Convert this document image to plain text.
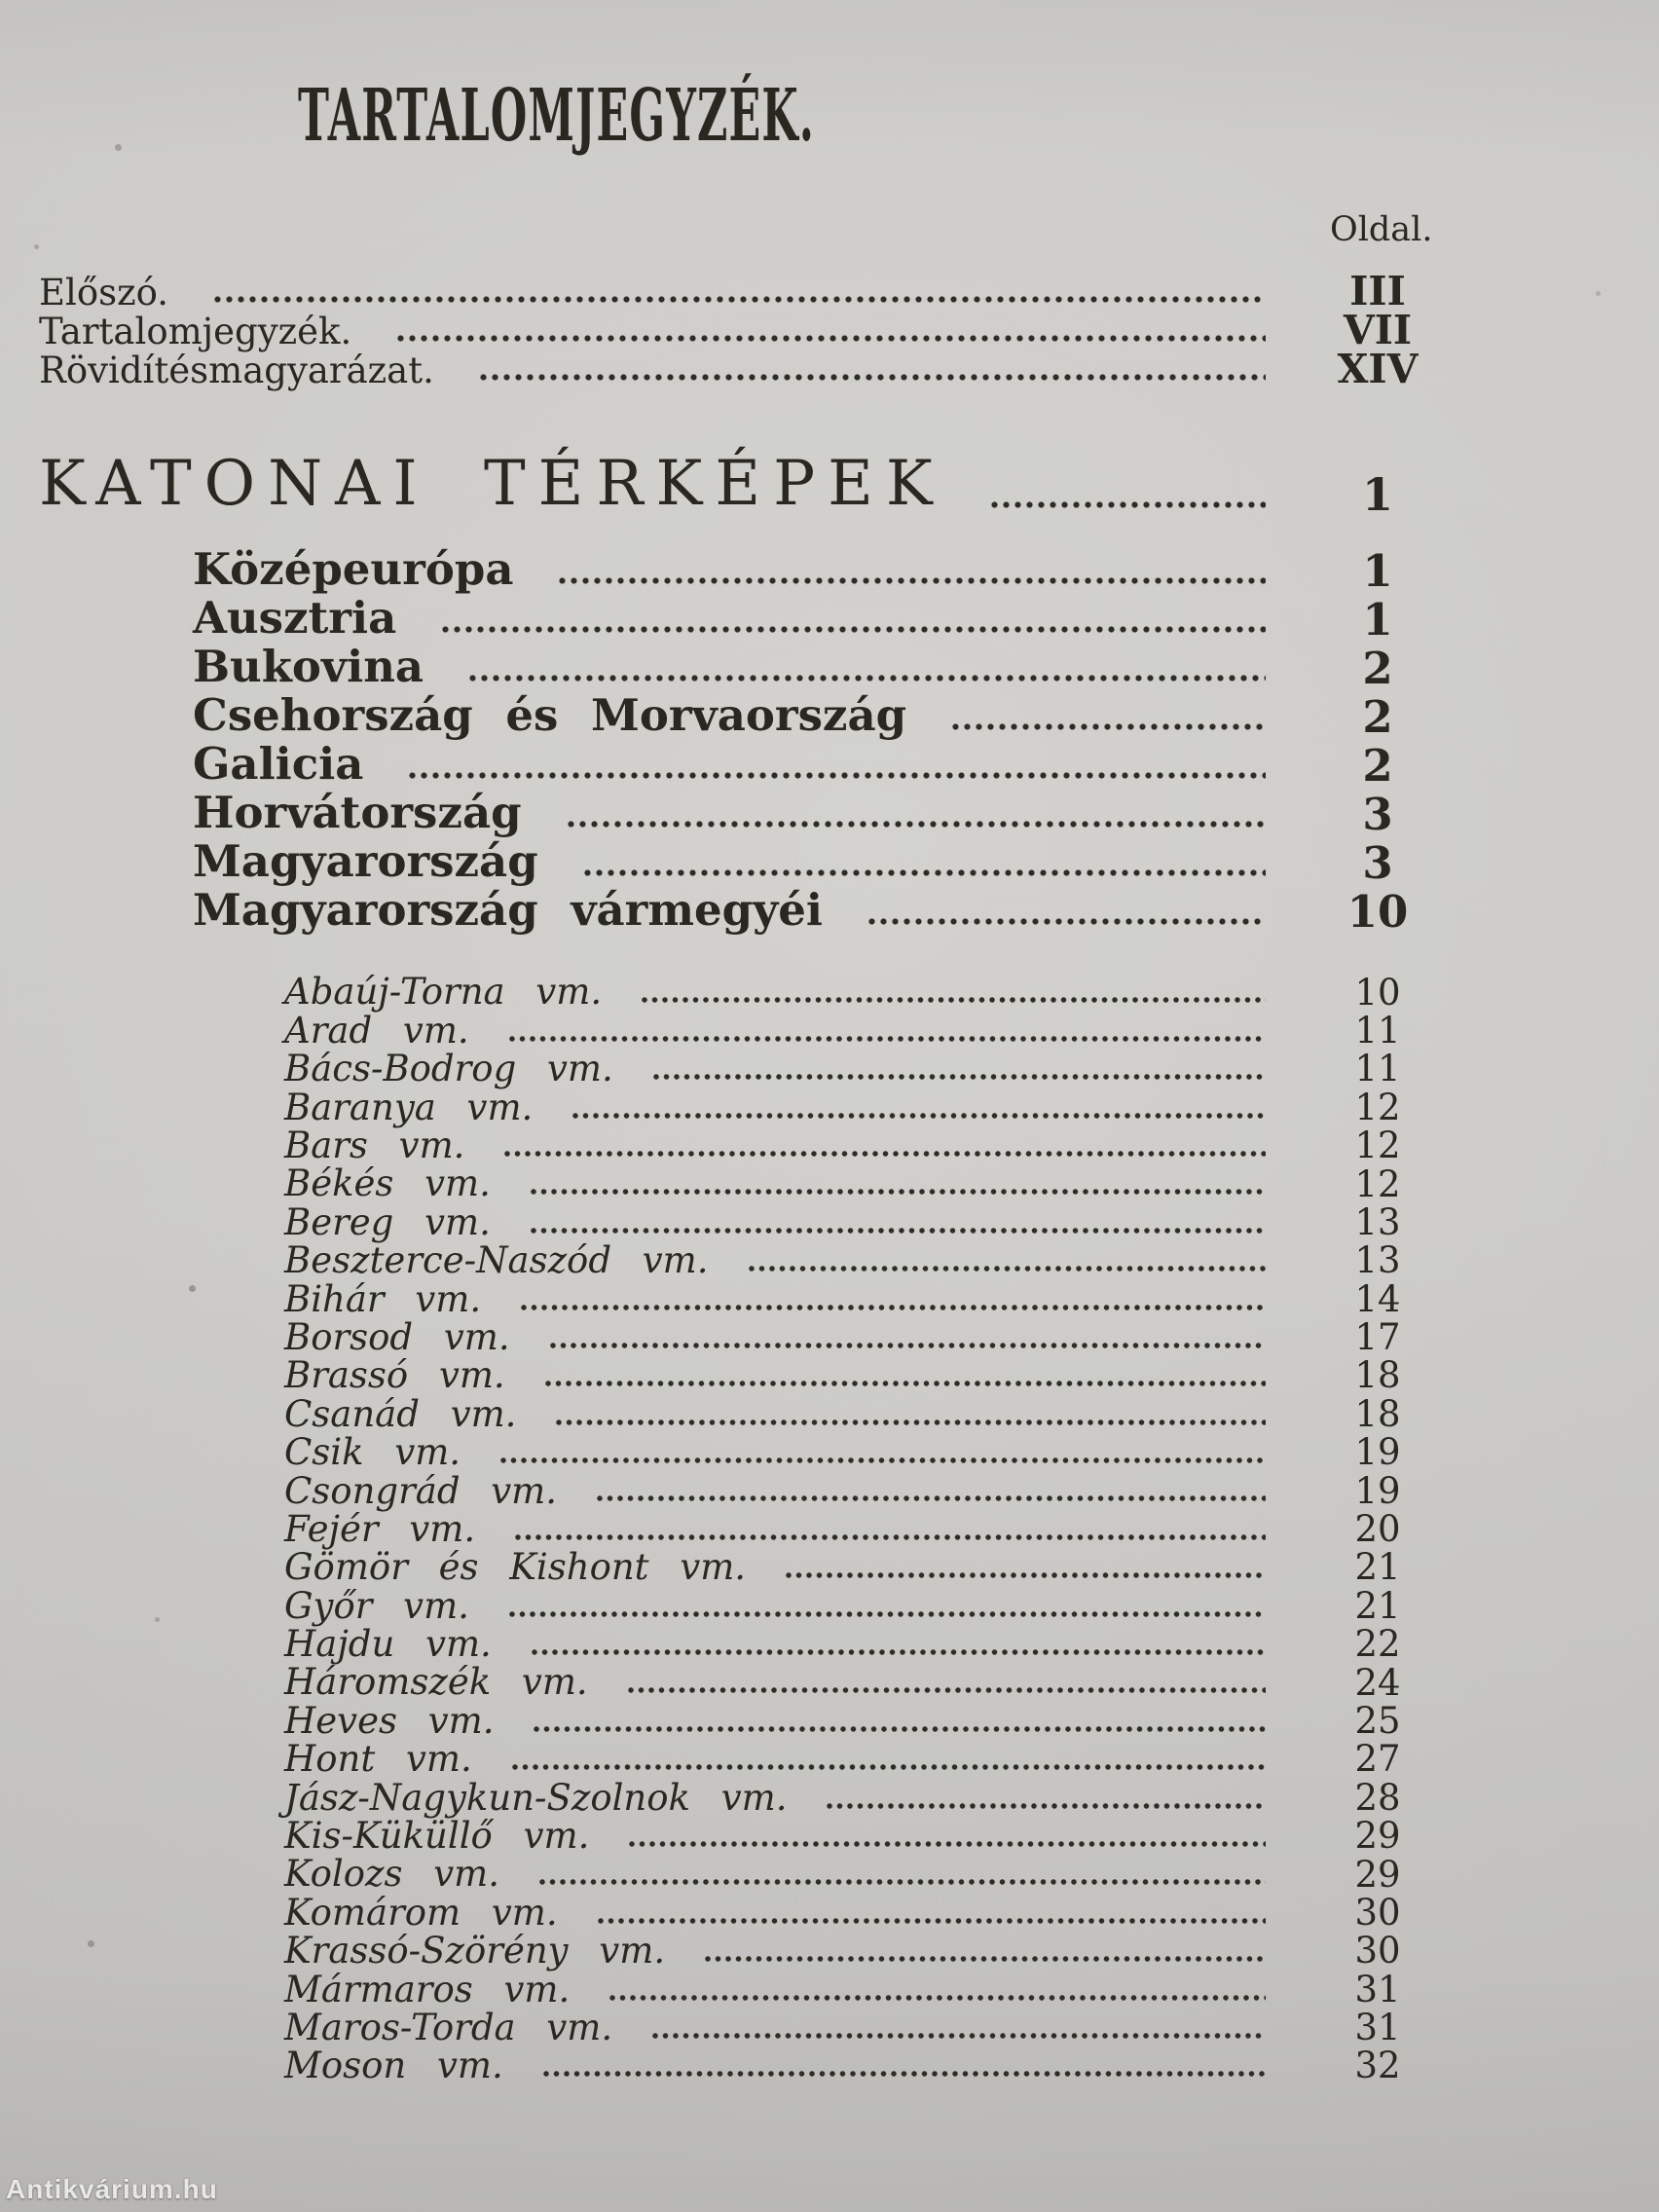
TARTALOMJEGYZÉK.
Oldal.
Előszó.	III
Tartalomjegyzék.	VII
Rövidítésmagyarázat.	XIV
KATONAI TÉRKÉPEK	1
Középeurópa	1
Ausztria	1
Bukovina	2
Csehország és Morvaország	2
Galicia	2
Horvátország	3
Magyarország	3
Magyarország vármegyéi	10
Abaúj-Torna vm.	10
Arad vm.	11
Bács-Bodrog vm.	11
Baranya vm.	12
Bars vm.	12
Békés vm.	12
Bereg vm.	13
Beszterce-Naszód vm.	13
Bihár vm.	14
Borsod vm.	17
Brassó vm.	18
Csanád vm.	18
Csik vm.	19
Csongrád vm.	19
Fejér vm.	20
Gömör és Kishont vm.	21
Győr vm.	21
Hajdu vm.	22
Háromszék vm.	24
Heves vm.	25
Hont vm.	27
Jász-Nagykun-Szolnok vm.	28
Kis-Küküllő vm.	29
Kolozs vm.	29
Komárom vm.	30
Krassó-Szörény vm.	30
Mármaros vm.	31
Maros-Torda vm.	31
Moson vm.	32
Antikvárium.hu
